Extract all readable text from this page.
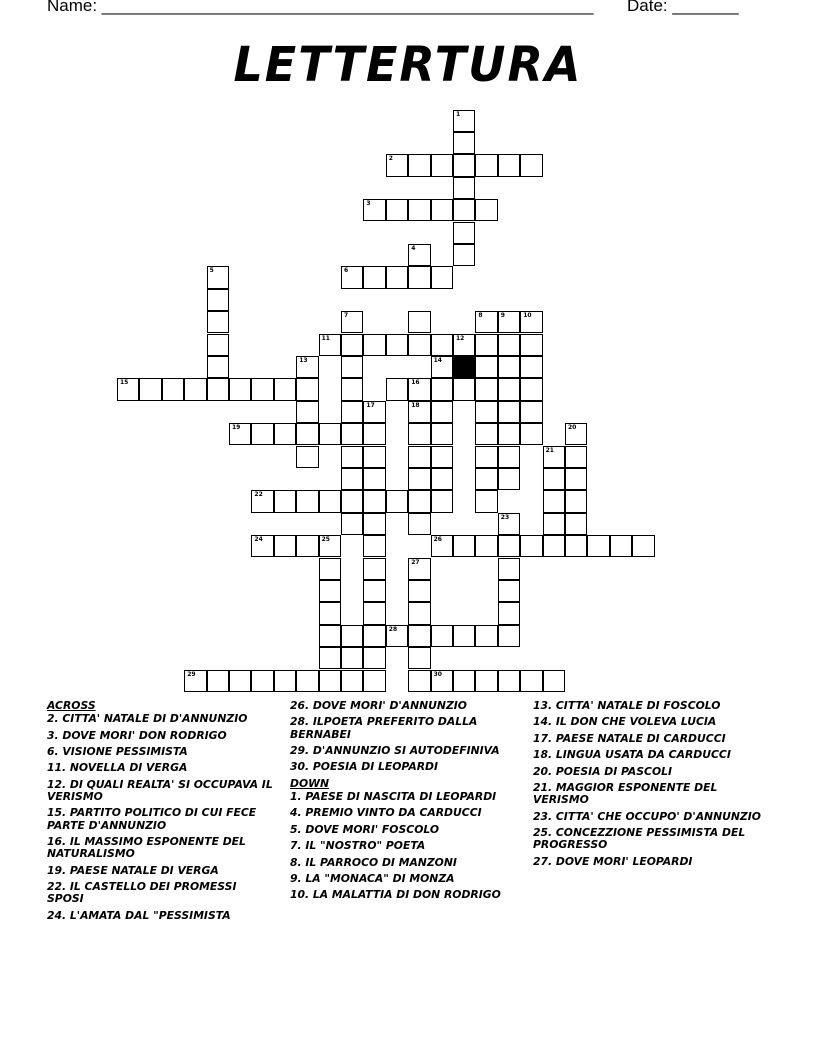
Name: ____________________________________________________ Date: _______
LETTERTURA
1
2
3
4
5	6
7	8	9	10
11	12
13	14
15	16
17	18
19	20
21
22
23
24	25	26
27
28
29	30
ACROSS
2. CITTA' NATALE DI D'ANNUNZIO
3. DOVE MORI' DON RODRIGO
6. VISIONE PESSIMISTA
11. NOVELLA DI VERGA
12. DI QUALI REALTA' SI OCCUPAVA IL VERISMO
15. PARTITO POLITICO DI CUI FECE PARTE D'ANNUNZIO
16. IL MASSIMO ESPONENTE DEL NATURALISMO
19. PAESE NATALE DI VERGA
22. IL CASTELLO DEI PROMESSI SPOSI
24. L'AMATA DAL "PESSIMISTA
26. DOVE MORI' D'ANNUNZIO
28. ILPOETA PREFERITO DALLA BERNABEI
29. D'ANNUNZIO SI AUTODEFINIVA
30. POESIA DI LEOPARDI
DOWN
1. PAESE DI NASCITA DI LEOPARDI
4. PREMIO VINTO DA CARDUCCI
5. DOVE MORI' FOSCOLO
7. IL "NOSTRO" POETA
8. IL PARROCO DI MANZONI
9. LA "MONACA" DI MONZA
10. LA MALATTIA DI DON RODRIGO
13. CITTA' NATALE DI FOSCOLO
14. IL DON CHE VOLEVA LUCIA
17. PAESE NATALE DI CARDUCCI
18. LINGUA USATA DA CARDUCCI
20. POESIA DI PASCOLI
21. MAGGIOR ESPONENTE DEL VERISMO
23. CITTA' CHE OCCUPO' D'ANNUNZIO
25. CONCEZZIONE PESSIMISTA DEL PROGRESSO
27. DOVE MORI' LEOPARDI
